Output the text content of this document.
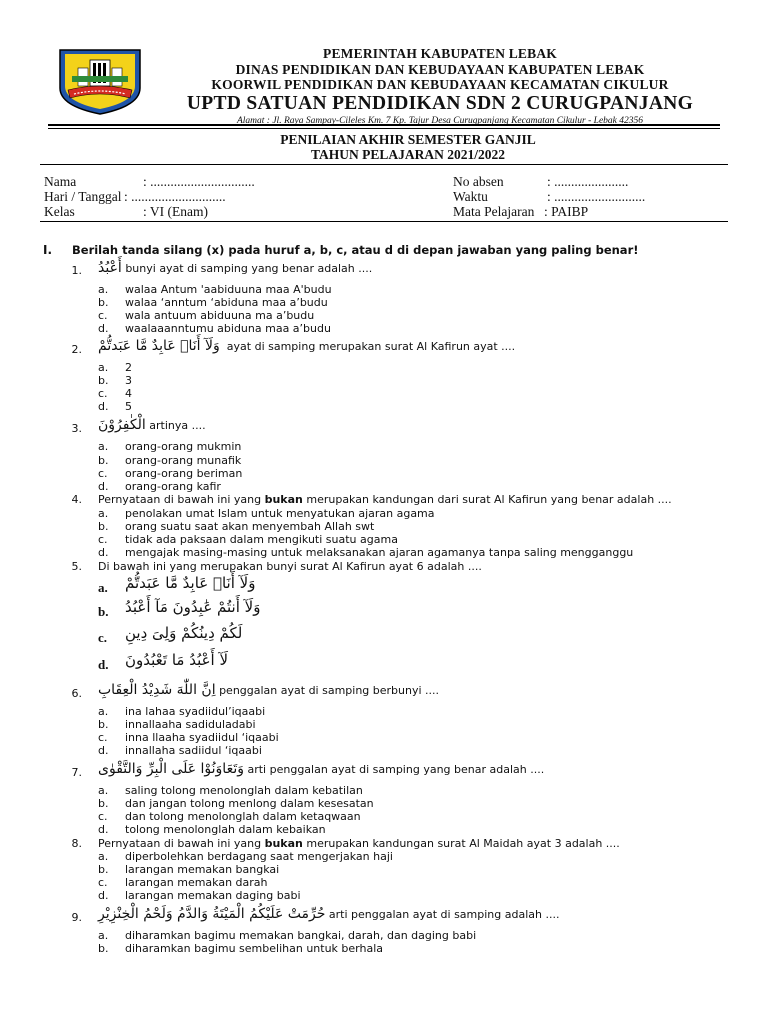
PEMERINTAH KABUPATEN LEBAK
DINAS PENDIDIKAN DAN KEBUDAYAAN KABUPATEN LEBAK
KOORWIL PENDIDIKAN DAN KEBUDAYAAN KECAMATAN CIKULUR
UPTD SATUAN PENDIDIKAN SDN 2 CURUGPANJANG
Alamat : Jl. Raya Sampay-Cileles Km. 7 Kp. Tajur Desa Curugpanjang Kecamatan Cikulur - Lebak 42356
PENILAIAN AKHIR SEMESTER GANJIL
TAHUN PELAJARAN 2021/2022
Nama	: ...............................
Hari / Tanggal : ............................
Kelas	: VI (Enam)
No absen	: ......................
Waktu	: ...........................
Mata Pelajaran : PAIBP
I. Berilah tanda silang (x) pada huruf a, b, c, atau d di depan jawaban yang paling benar!
1. أَعْبُدُ bunyi ayat di samping yang benar adalah ....
a. walaa Antum 'aabiduuna maa A'budu
b. walaa ‘anntum ‘abiduna maa a’budu
c. wala antuum abiduuna ma a’budu
d. waalaaanntumu abiduna maa a’budu
2. وَلَآ أَنَا۠ عَابِدٌ مَّا عَبَدتُّمْ ayat di samping merupakan surat Al Kafirun ayat ....
a. 2
b. 3
c. 4
d. 5
3. الْكٰفِرُوْنَ artinya ....
a. orang-orang mukmin
b. orang-orang munafik
c. orang-orang beriman
d. orang-orang kafir
4. Pernyataan di bawah ini yang bukan merupakan kandungan dari surat Al Kafirun yang benar adalah ....
a. penolakan umat Islam untuk menyatukan ajaran agama
b. orang suatu saat akan menyembah Allah swt
c. tidak ada paksaan dalam mengikuti suatu agama
d. mengajak masing-masing untuk melaksanakan ajaran agamanya tanpa saling mengganggu
5. Di bawah ini yang merupakan bunyi surat Al Kafirun ayat 6 adalah ....
a. وَلَآ أَنَا۠ عَابِدٌ مَّا عَبَدتُّمْ
b. وَلَآ أَنتُمْ عَٰبِدُونَ مَآ أَعْبُدُ
c. لَكُمْ دِينُكُمْ وَلِىَ دِينِ
d. لَآ أَعْبُدُ مَا تَعْبُدُونَ
6. اِنَّ اللّٰهَ شَدِيْدُ الْعِقَابِ penggalan ayat di samping berbunyi ....
a. ina lahaa syadiidul’iqaabi
b. innallaaha sadiduladabi
c. inna llaaha syadiidul ‘iqaabi
d. innallaha sadiidul ‘iqaabi
7. وَتَعَاوَنُوْا عَلَى الْبِرِّ وَالتَّقْوٰى arti penggalan ayat di samping yang benar adalah ....
a. saling tolong menolonglah dalam kebatilan
b. dan jangan tolong menlong dalam kesesatan
c. dan tolong menolonglah dalam ketaqwaan
d. tolong menolonglah dalam kebaikan
8. Pernyataan di bawah ini yang bukan merupakan kandungan surat Al Maidah ayat 3 adalah ....
a. diperbolehkan berdagang saat mengerjakan haji
b. larangan memakan bangkai
c. larangan memakan darah
d. larangan memakan daging babi
9. حُرِّمَتْ عَلَيْكُمُ الْمَيْتَةُ وَالدَّمُ وَلَحْمُ الْخِنْزِيْرِ arti penggalan ayat di samping adalah ....
a. diharamkan bagimu memakan bangkai, darah, dan daging babi
b. diharamkan bagimu sembelihan untuk berhala
